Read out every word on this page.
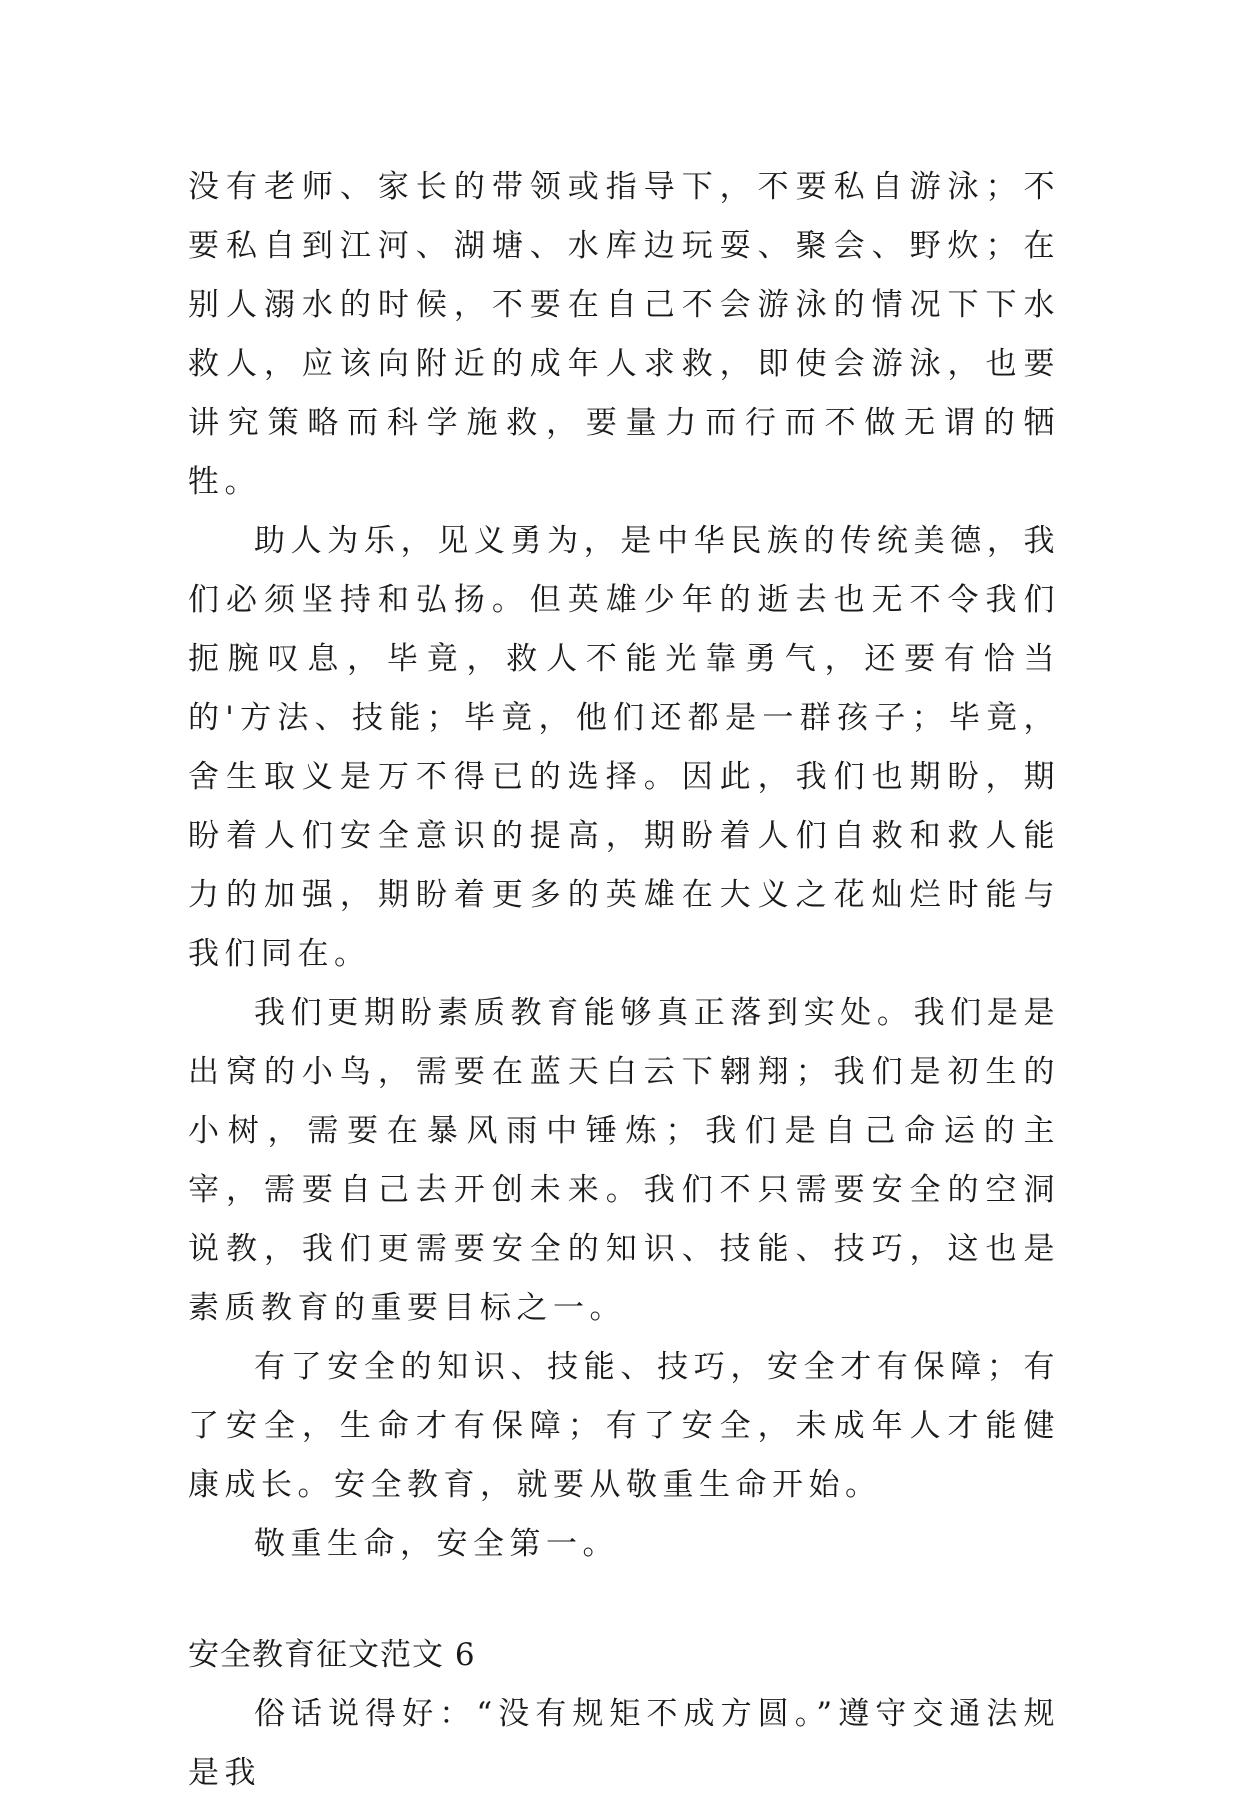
没有老师、家长的带领或指导下，不要私自游泳；不要私自到江河、湖塘、水库边玩耍、聚会、野炊；在别人溺水的时候，不要在自己不会游泳的情况下下水救人，应该向附近的成年人求救，即使会游泳，也要讲究策略而科学施救，要量力而行而不做无谓的牺牲。

助人为乐，见义勇为，是中华民族的传统美德，我们必须坚持和弘扬。但英雄少年的逝去也无不令我们扼腕叹息，毕竟，救人不能光靠勇气，还要有恰当的'方法、技能；毕竟，他们还都是一群孩子；毕竟，舍生取义是万不得已的选择。因此，我们也期盼，期盼着人们安全意识的提高，期盼着人们自救和救人能力的加强，期盼着更多的英雄在大义之花灿烂时能与我们同在。

我们更期盼素质教育能够真正落到实处。我们是是出窝的小鸟，需要在蓝天白云下翱翔；我们是初生的小树，需要在暴风雨中锤炼；我们是自己命运的主宰，需要自己去开创未来。我们不只需要安全的空洞说教，我们更需要安全的知识、技能、技巧，这也是素质教育的重要目标之一。

有了安全的知识、技能、技巧，安全才有保障；有了安全，生命才有保障；有了安全，未成年人才能健康成长。安全教育，就要从敬重生命开始。

敬重生命，安全第一。

安全教育征文范文 6

俗话说得好：“没有规矩不成方圆。”遵守交通法规是我
